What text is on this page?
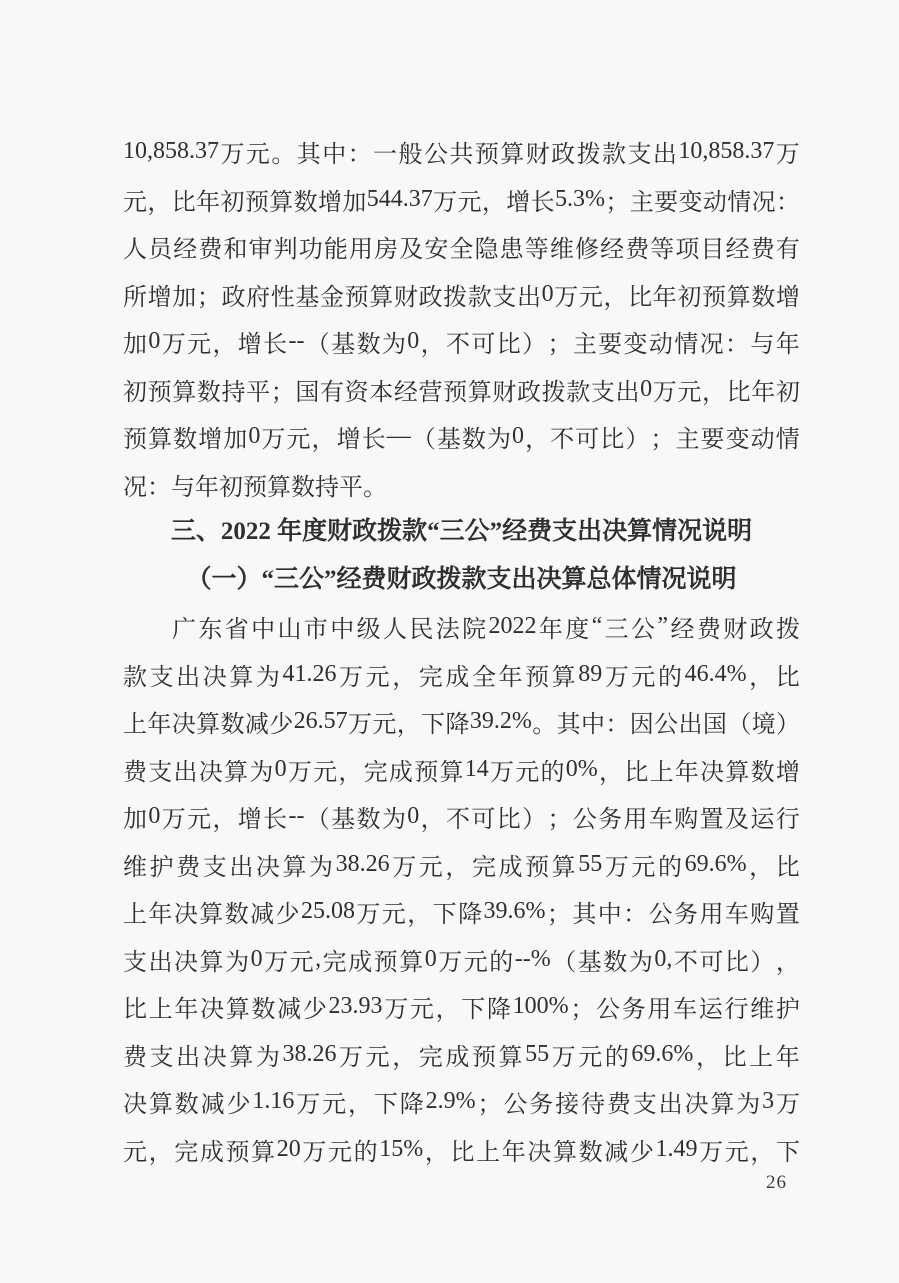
10,858.37 万 元 。 其 中 ： 一 般 公 共 预 算 财 政 拨 款 支 出 10,858.37 万
元 ， 比 年 初 预 算 数 增 加 544.37 万 元 ， 增 长 5.3% ； 主 要 变 动 情 况 ：
人 员 经 费 和 审 判 功 能 用 房 及 安 全 隐 患 等 维 修 经 费 等 项 目 经 费 有
所 增 加 ； 政 府 性 基 金 预 算 财 政 拨 款 支 出 0 万 元 ， 比 年 初 预 算 数 增
加 0 万 元 ， 增 长 -- （ 基 数 为 0 ， 不 可 比 ） ； 主 要 变 动 情 况 ： 与 年
初 预 算 数 持 平 ； 国 有 资 本 经 营 预 算 财 政 拨 款 支 出 0 万 元 ， 比 年 初
预 算 数 增 加 0 万 元 ， 增 长 — （ 基 数 为 0 ， 不 可 比 ） ； 主 要 变 动 情
况 ： 与 年 初 预 算 数 持 平 。
三、2022 年度财政拨款“三公”经费支出决算情况说明
（一）“三公”经费财政拨款支出决算总体情况说明
广 东 省 中 山 市 中 级 人 民 法 院 2022 年 度 “ 三 公 ” 经 费 财 政 拨
款 支 出 决 算 为 41.26 万 元 ， 完 成 全 年 预 算 89 万 元 的 46.4% ， 比
上 年 决 算 数 减 少 26.57 万 元 ， 下 降 39.2% 。 其 中 ： 因 公 出 国 （ 境 ）
费 支 出 决 算 为 0 万 元 ， 完 成 预 算 14 万 元 的 0% ， 比 上 年 决 算 数 增
加 0 万 元 ， 增 长 -- （ 基 数 为 0 ， 不 可 比 ） ； 公 务 用 车 购 置 及 运 行
维 护 费 支 出 决 算 为 38.26 万 元 ， 完 成 预 算 55 万 元 的 69.6% ， 比
上 年 决 算 数 减 少 25.08 万 元 ， 下 降 39.6% ； 其 中 ： 公 务 用 车 购 置
支 出 决 算 为 0 万 元 , 完 成 预 算 0 万 元 的 --% （ 基 数 为 0, 不 可 比 ） ，
比 上 年 决 算 数 减 少 23.93 万 元 ， 下 降 100% ； 公 务 用 车 运 行 维 护
费 支 出 决 算 为 38.26 万 元 ， 完 成 预 算 55 万 元 的 69.6% ， 比 上 年
决 算 数 减 少 1.16 万 元 ， 下 降 2.9% ； 公 务 接 待 费 支 出 决 算 为 3 万
元 ， 完 成 预 算 20 万 元 的 15% ， 比 上 年 决 算 数 减 少 1.49 万 元 ， 下
26
